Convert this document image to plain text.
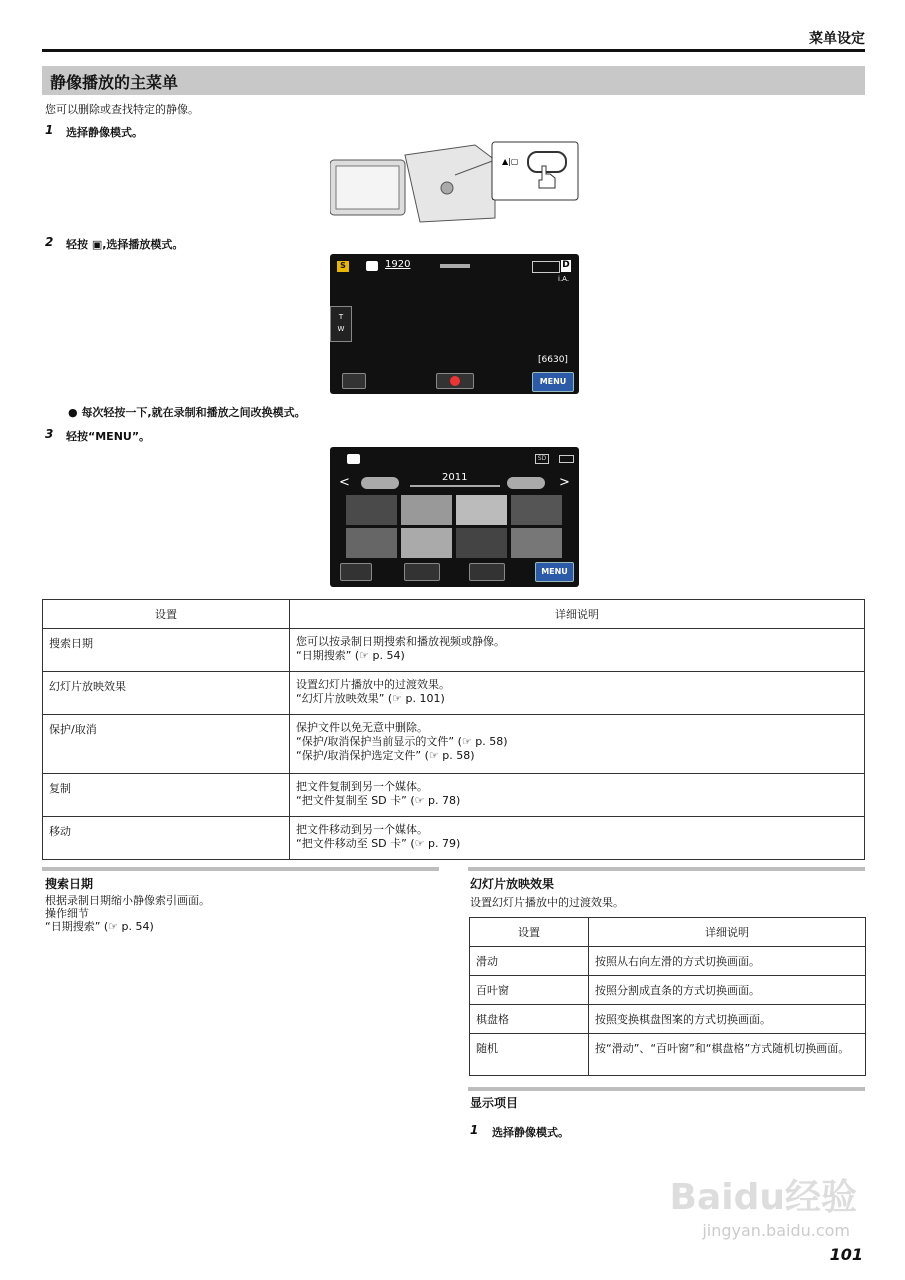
菜单设定
静像播放的主菜单
您可以删除或查找特定的静像。
1 选择静像模式。
▲|▢
2 轻按 ▣,选择播放模式。
S	1920	D
i.A.
T
W
[6630]
MENU
● 每次轻按一下,就在录制和播放之间改换模式。
3 轻按“MENU”。
SD
<	2011	>
MENU
设置	详细说明
搜索日期	您可以按录制日期搜索和播放视频或静像。
“日期搜索” (☞ p. 54)

幻灯片放映效果	设置幻灯片播放中的过渡效果。
“幻灯片放映效果” (☞ p. 101)

保护/取消	保护文件以免无意中删除。
“保护/取消保护当前显示的文件” (☞ p. 58)
“保护/取消保护选定文件” (☞ p. 58)

复制	把文件复制到另一个媒体。
“把文件复制至 SD 卡” (☞ p. 78)

移动	把文件移动到另一个媒体。
“把文件移动至 SD 卡” (☞ p. 79)
搜索日期
根据录制日期缩小静像索引画面。
操作细节
“日期搜索” (☞ p. 54)
幻灯片放映效果
设置幻灯片播放中的过渡效果。
设置	详细说明
滑动	按照从右向左滑的方式切换画面。
百叶窗	按照分割成直条的方式切换画面。
棋盘格	按照变换棋盘图案的方式切换画面。
随机	按“滑动”、“百叶窗”和“棋盘格”方式随机切换画面。
显示项目
1 选择静像模式。
Baidu经验
jingyan.baidu.com
101
